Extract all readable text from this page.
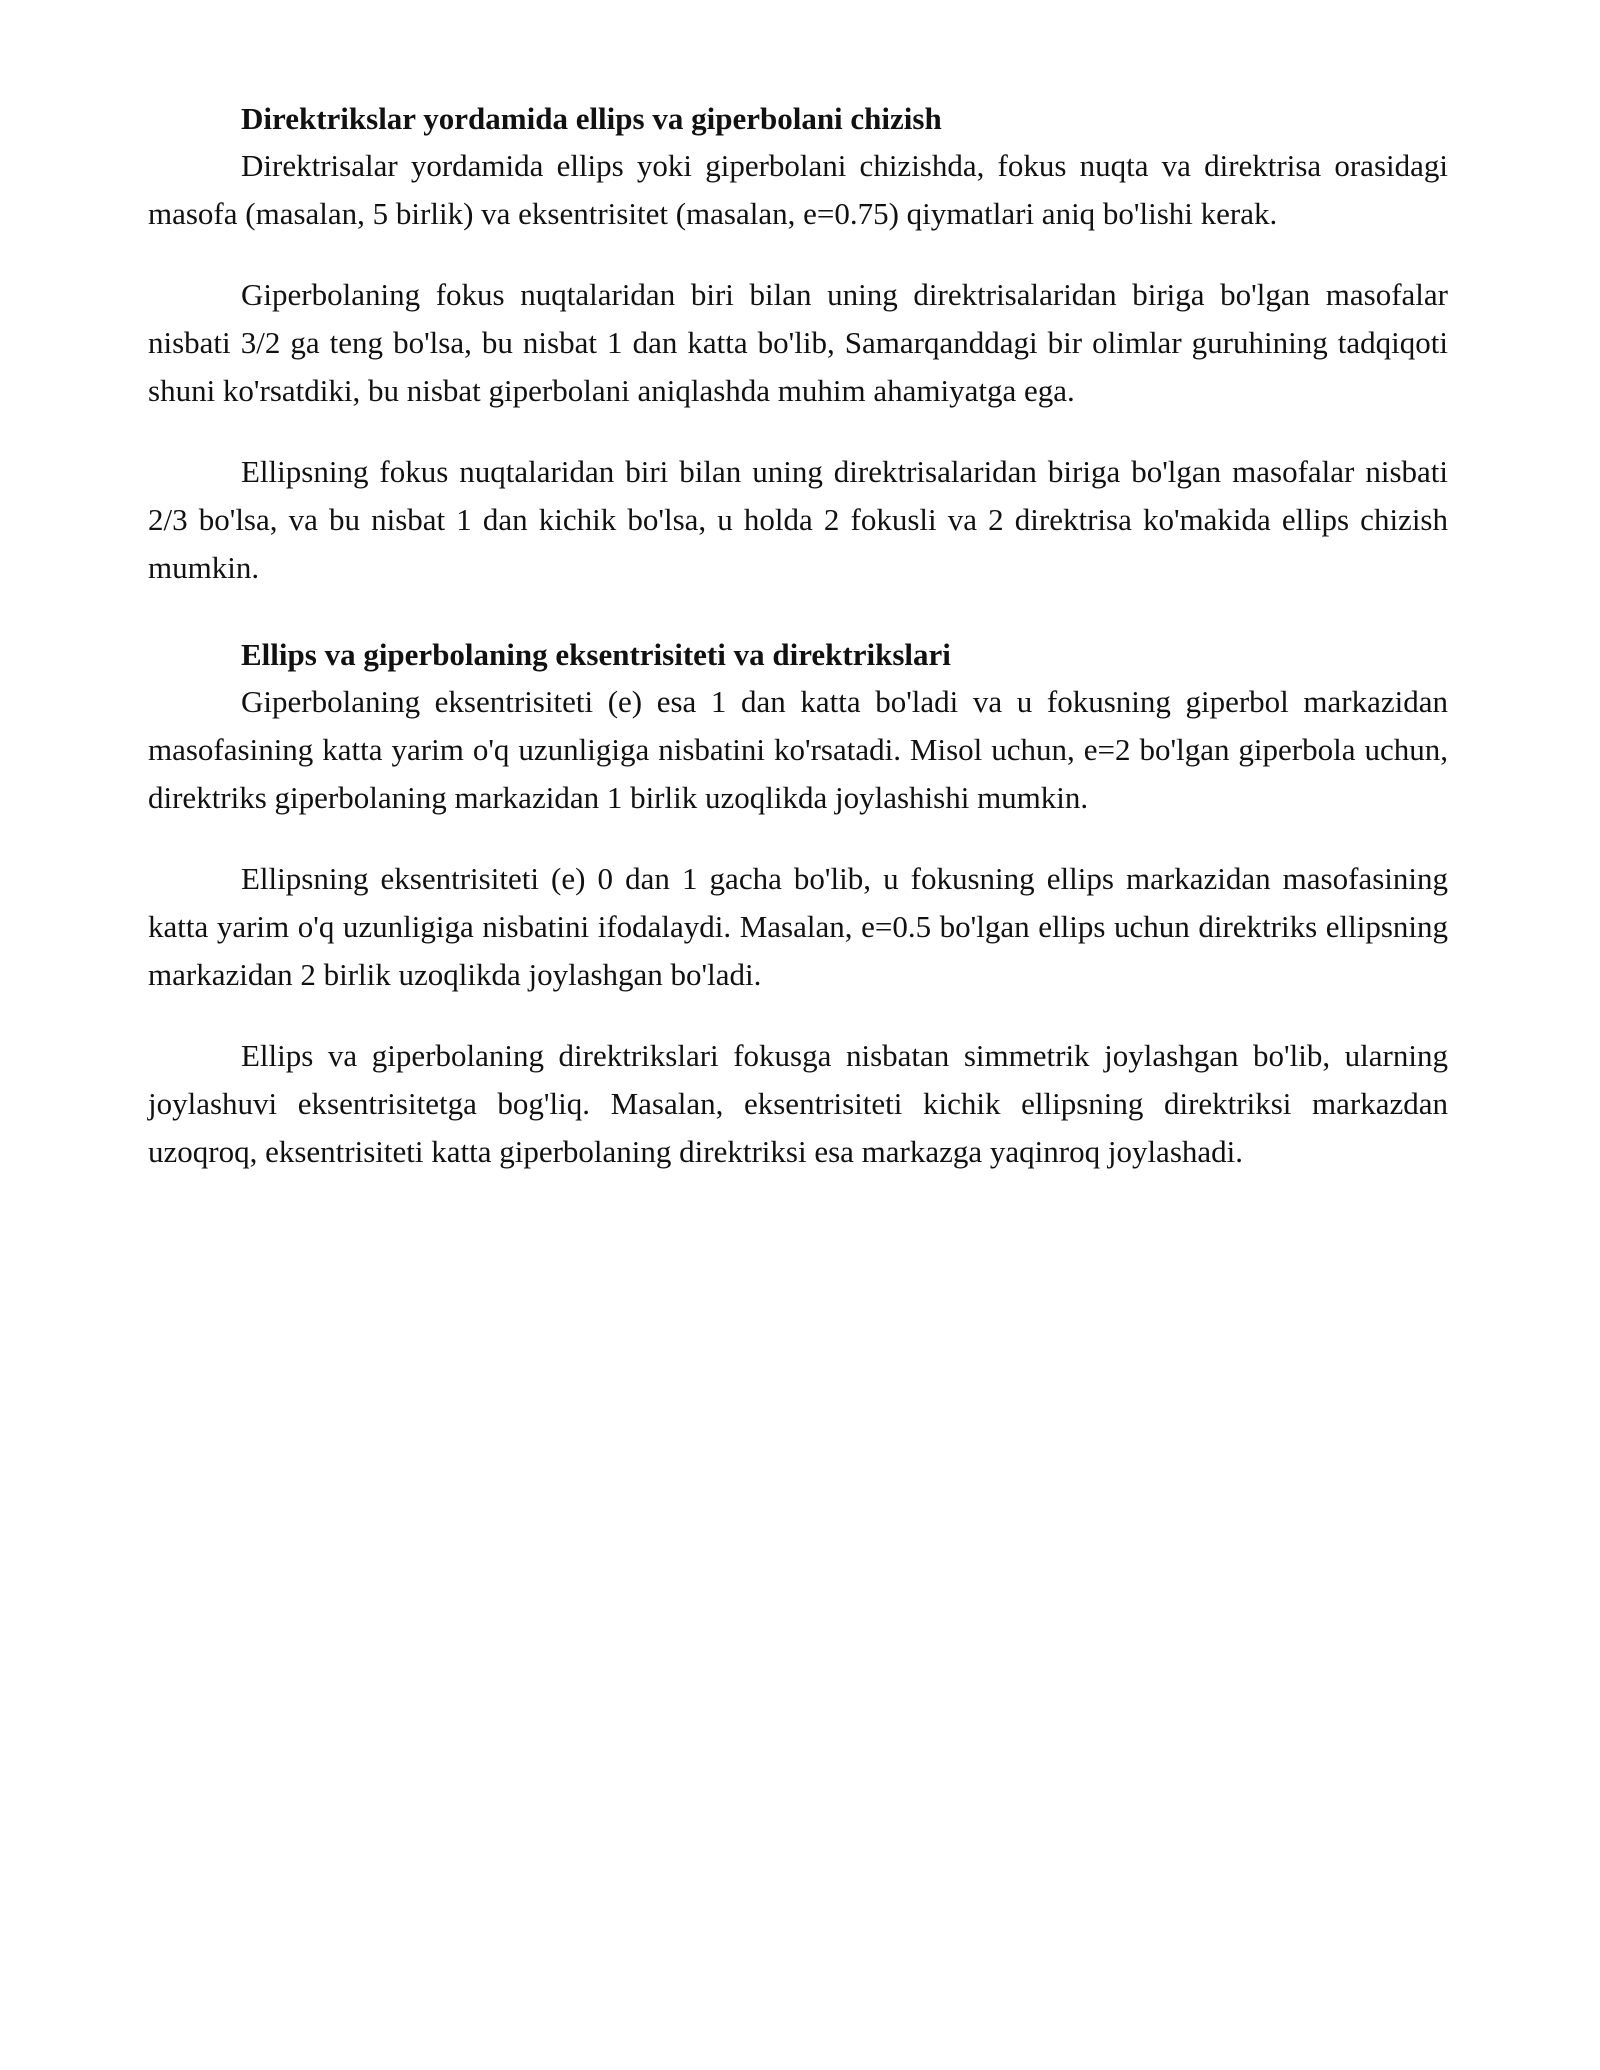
Direktrikslar yordamida ellips va giperbolani chizish

Direktrisalar yordamida ellips yoki giperbolani chizishda, fokus nuqta va direktrisa orasidagi masofa (masalan, 5 birlik) va eksentrisitet (masalan, e=0.75) qiymatlari aniq bo'lishi kerak.

Giperbolaning fokus nuqtalaridan biri bilan uning direktrisalaridan biriga bo'lgan masofalar nisbati 3/2 ga teng bo'lsa, bu nisbat 1 dan katta bo'lib, Samarqanddagi bir olimlar guruhining tadqiqoti shuni ko'rsatdiki, bu nisbat giperbolani aniqlashda muhim ahamiyatga ega.

Ellipsning fokus nuqtalaridan biri bilan uning direktrisalaridan biriga bo'lgan masofalar nisbati 2/3 bo'lsa, va bu nisbat 1 dan kichik bo'lsa, u holda 2 fokusli va 2 direktrisa ko'makida ellips chizish mumkin.

Ellips va giperbolaning eksentrisiteti va direktrikslari

Giperbolaning eksentrisiteti (e) esa 1 dan katta bo'ladi va u fokusning giperbol markazidan masofasining katta yarim o'q uzunligiga nisbatini ko'rsatadi. Misol uchun, e=2 bo'lgan giperbola uchun, direktriks giperbolaning markazidan 1 birlik uzoqlikda joylashishi mumkin.

Ellipsning eksentrisiteti (e) 0 dan 1 gacha bo'lib, u fokusning ellips markazidan masofasining katta yarim o'q uzunligiga nisbatini ifodalaydi. Masalan, e=0.5 bo'lgan ellips uchun direktriks ellipsning markazidan 2 birlik uzoqlikda joylashgan bo'ladi.

Ellips va giperbolaning direktrikslari fokusga nisbatan simmetrik joylashgan bo'lib, ularning joylashuvi eksentrisitetga bog'liq. Masalan, eksentrisiteti kichik ellipsning direktriksi markazdan uzoqroq, eksentrisiteti katta giperbolaning direktriksi esa markazga yaqinroq joylashadi.
